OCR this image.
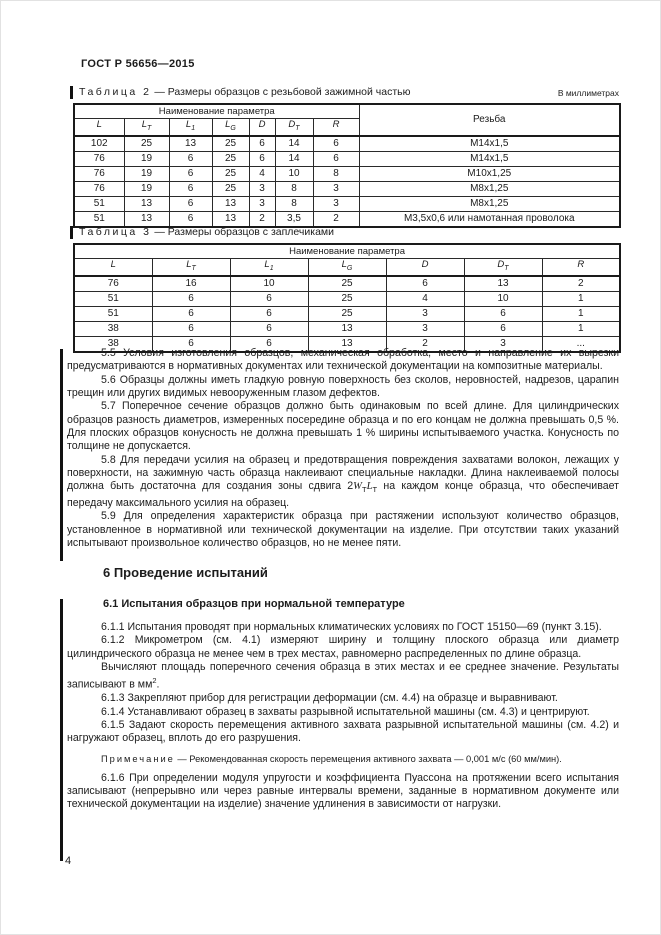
ГОСТ Р 56656—2015
Таблица 2 — Размеры образцов с резьбовой зажимной частью	В миллиметрах
Наименование параметра							Резьба
L	$L_Т$	$L_1$	$L_G$	D	$D_Т$	R	
102	25	13	25	6	14	6	М14х1,5
76	19	6	25	6	14	6	М14х1,5
76	19	6	25	4	10	8	М10х1,25
76	19	6	25	3	8	3	М8х1,25
51	13	6	13	3	8	3	М8х1,25
51	13	6	13	2	3,5	2	М3,5х0,6 или намотанная проволока
Таблица 3 — Размеры образцов с заплечиками
Наименование параметра						
L	$L_Т$	$L_1$	$L_G$	D	$D_Т$	R
76	16	10	25	6	13	2
51	6	6	25	4	10	1
51	6	6	25	3	6	1
38	6	6	13	3	6	1
38	6	6	13	2	3	...

5.5 Условия изготовления образцов, механическая обработка, место и направление их вырезки предусматриваются в нормативных документах или технической документации на композитные материалы.

5.6 Образцы должны иметь гладкую ровную поверхность без сколов, неровностей, надрезов, царапин трещин или других видимых невооруженным глазом дефектов.

5.7 Поперечное сечение образцов должно быть одинаковым по всей длине. Для цилиндрических образцов разность диаметров, измеренных посередине образца и по его концам не должна превышать 0,5 %. Для плоских образцов конусность не должна превышать 1 % ширины испытываемого участка. Конусность по толщине не допускается.

5.8 Для передачи усилия на образец и предотвращения повреждения захватами волокон, лежащих у поверхности, на зажимную часть образца наклеивают специальные накладки. Длина наклеиваемой полосы должна быть достаточна для создания зоны сдвига $2W_ТL_Т$ на каждом конце образца, что обеспечивает передачу максимального усилия на образец.

5.9 Для определения характеристик образца при растяжении используют количество образцов, установленное в нормативной или технической документации на изделие. При отсутствии таких указаний испытывают произвольное количество образцов, но не менее пяти.

6 Проведение испытаний
6.1 Испытания образцов при нормальной температуре

6.1.1 Испытания проводят при нормальных климатических условиях по ГОСТ 15150—69 (пункт 3.15).

6.1.2 Микрометром (см. 4.1) измеряют ширину и толщину плоского образца или диаметр цилиндрического образца не менее чем в трех местах, равномерно распределенных по длине образца.

Вычисляют площадь поперечного сечения образца в этих местах и ее среднее значение. Результаты записывают в $мм^2$.

6.1.3 Закрепляют прибор для регистрации деформации (см. 4.4) на образце и выравнивают.

6.1.4 Устанавливают образец в захваты разрывной испытательной машины (см. 4.3) и центрируют.

6.1.5 Задают скорость перемещения активного захвата разрывной испытательной машины (см. 4.2) и нагружают образец, вплоть до его разрушения.

Примечание — Рекомендованная скорость перемещения активного захвата — 0,001 м/с (60 мм/мин).

6.1.6 При определении модуля упругости и коэффициента Пуассона на протяжении всего испытания записывают (непрерывно или через равные интервалы времени, заданные в нормативном документе или технической документации на изделие) значение удлинения в зависимости от нагрузки.

4
